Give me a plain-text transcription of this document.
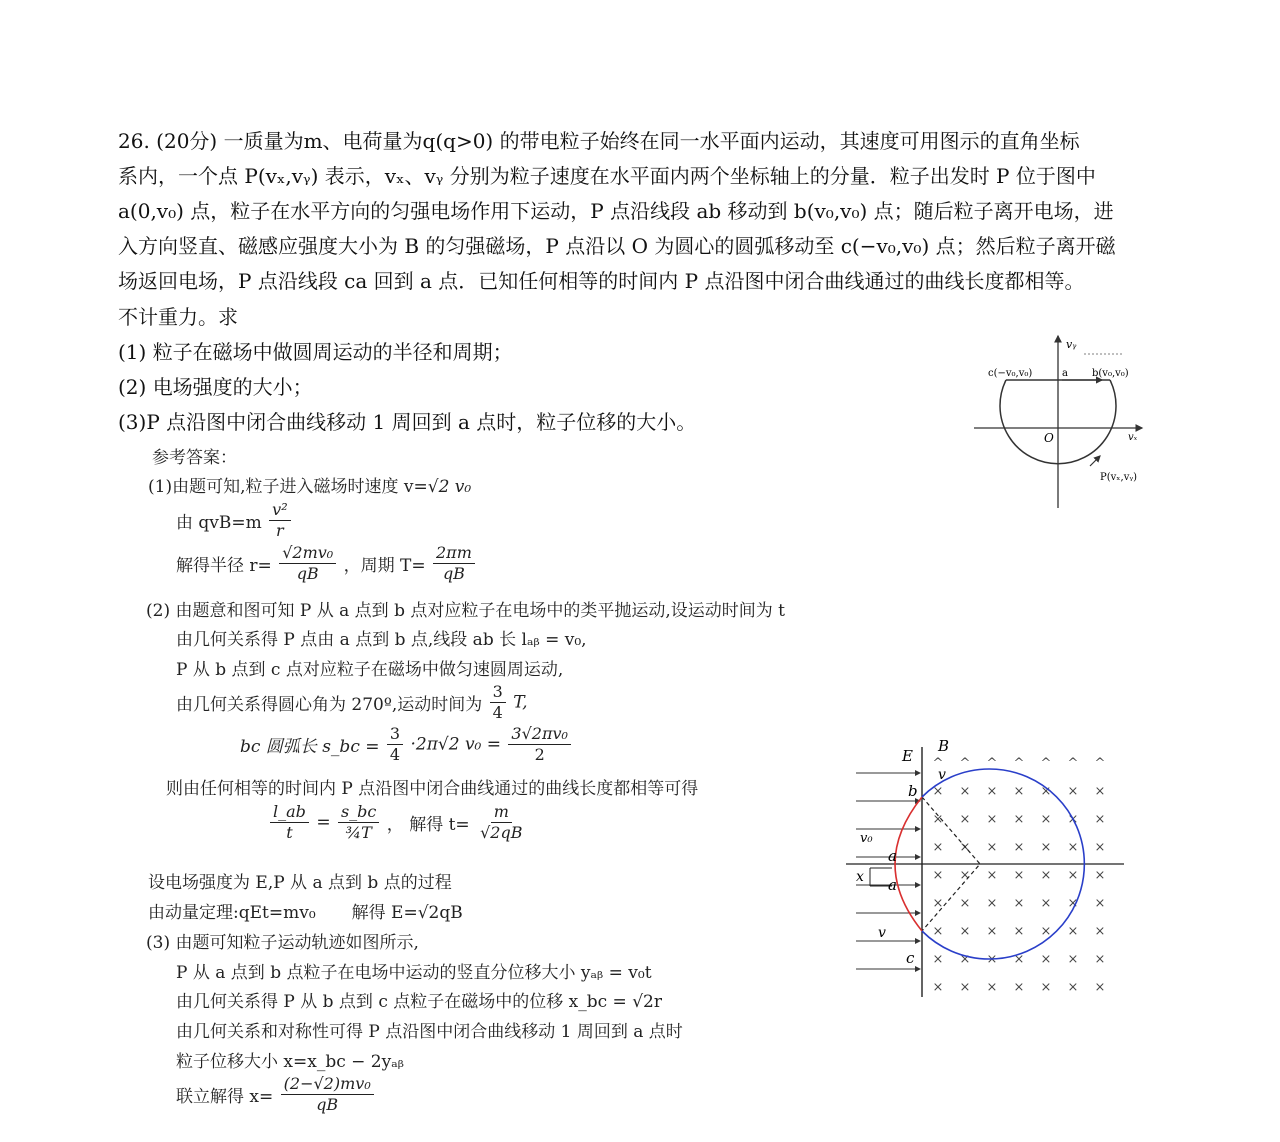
26. (20分) 一质量为m、电荷量为q(q>0) 的带电粒子始终在同一水平面内运动，其速度可用图示的直角坐标
系内，一个点 P(vₓ,vᵧ) 表示，vₓ、vᵧ 分别为粒子速度在水平面内两个坐标轴上的分量．粒子出发时 P 位于图中
a(0,v₀) 点，粒子在水平方向的匀强电场作用下运动，P 点沿线段 ab 移动到 b(v₀,v₀) 点；随后粒子离开电场，进
入方向竖直、磁感应强度大小为 B 的匀强磁场，P 点沿以 O 为圆心的圆弧移动至 c(−v₀,v₀) 点；然后粒子离开磁
场返回电场，P 点沿线段 ca 回到 a 点．已知任何相等的时间内 P 点沿图中闭合曲线通过的曲线长度都相等。
不计重力。求
(1) 粒子在磁场中做圆周运动的半径和周期；
(2) 电场强度的大小；
(3)P 点沿图中闭合曲线移动 1 周回到 a 点时，粒子位移的大小。
参考答案：
(1)由题可知,粒子进入磁场时速度 v=√2 v₀
由 $qvB=m \frac{\text{v²}}{r}$
解得半径 $r= \frac{\text{√2mv₀}}{qB}$ ，周期 $T= \frac{2\pi m}{qB}$
(2) 由题意和图可知 P 从 a 点到 b 点对应粒子在电场中的类平抛运动,设运动时间为 t
由几何关系得 P 点由 a 点到 b 点,线段 ab 长 lₐᵦ = v₀,
P 从 b 点到 c 点对应粒子在磁场中做匀速圆周运动,
由几何关系得圆心角为 270º,运动时间为 $\frac{3}{4} T$,
bc 圆弧长 s_bc = $\frac{3}{4} \cdot 2\pi√2$ $v_0 = \frac{\text{3√2πv₀}}{2}$
则由任何相等的时间内 P 点沿图中闭合曲线通过的曲线长度都相等可得
$\frac{l\_ab}{t} = \frac{s\_bc}{\text{¾T}}$ ， 解得 $t= \frac{m}{√2qB}$
设电场强度为 E,P 从 a 点到 b 点的过程
由动量定理:qEt=mv₀ 解得 E=√2qB
(3) 由题可知粒子运动轨迹如图所示,
P 从 a 点到 b 点粒子在电场中运动的竖直分位移大小 yₐᵦ = v₀t
由几何关系得 P 从 b 点到 c 点粒子在磁场中的位移 x_bc = √2r
由几何关系和对称性可得 P 点沿图中闭合曲线移动 1 周回到 a 点时
粒子位移大小 x=x_bc − 2yₐᵦ
联立解得 $x= \frac{\text{(2−√2)mv₀}}{qB}$
vᵧ
c(−v₀,v₀)	a b(v₀,v₀)
O	vₓ
P(vₓ,vᵧ)
^ ^ ^ ^ ^ ^ ^
× × × × × × ×
× × × × × × ×
× × × × × × ×
× × × × × × ×
× × × × × × ×
× × × × × × ×
× × × × × × ×
× × × × × × ×
E
B
v
b
v₀
a
x a
v
c
